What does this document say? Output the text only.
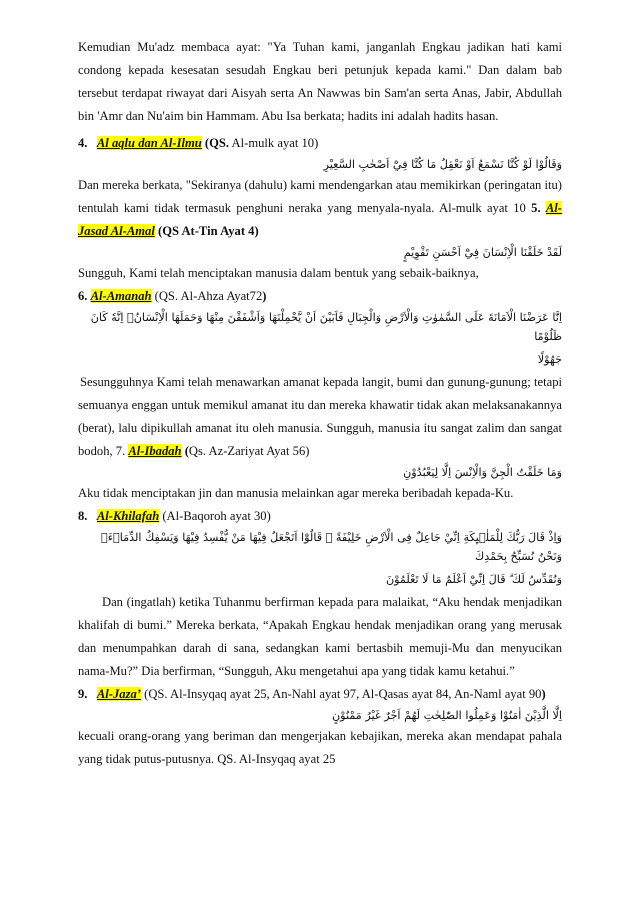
Kemudian Mu'adz membaca ayat: "Ya Tuhan kami, janganlah Engkau jadikan hati kami condong kepada kesesatan sesudah Engkau beri petunjuk kepada kami." Dan dalam bab tersebut terdapat riwayat dari Aisyah serta An Nawwas bin Sam'an serta Anas, Jabir, Abdullah bin 'Amr dan Nu'aim bin Hammam. Abu Isa berkata; hadits ini adalah hadits hasan.

4. Al aqlu dan Al-Ilmu (QS. Al-mulk ayat 10)

وَقَالُوْا لَوْ كُنَّا نَسْمَعُ اَوْ نَعْقِلُ مَا كُنَّا فِيْٓ اَصْحٰبِ السَّعِيْرِ

Dan mereka berkata, "Sekiranya (dahulu) kami mendengarkan atau memikirkan (peringatan itu) tentulah kami tidak termasuk penghuni neraka yang menyala-nyala. Al-mulk ayat 10 5. Al-Jasad Al-Amal (QS At-Tin Ayat 4)

لَقَدْ خَلَقْنَا الْاِنْسَانَ فِيْٓ اَحْسَنِ تَقْوِيْمٍ

Sungguh, Kami telah menciptakan manusia dalam bentuk yang sebaik-baiknya,

6. Al-Amanah (QS. Al-Ahza Ayat72)

اِنَّا عَرَضْنَا الْاَمَانَةَ عَلَى السَّمٰوٰتِ وَالْاَرْضِ وَالْجِبَالِ فَاَبَيْنَ اَنْ يَّحْمِلْنَهَا وَاَشْفَقْنَ مِنْهَا وَحَمَلَهَا الْاِنْسَانُۗ اِنَّهٗ كَانَ ظَلُوْمًا

جَهُوْلًا

Sesungguhnya Kami telah menawarkan amanat kepada langit, bumi dan gunung-gunung; tetapi semuanya enggan untuk memikul amanat itu dan mereka khawatir tidak akan melaksanakannya (berat), lalu dipikullah amanat itu oleh manusia. Sungguh, manusia itu sangat zalim dan sangat bodoh, 7. Al-Ibadah (Qs. Az-Zariyat Ayat 56)

وَمَا خَلَقْتُ الْجِنَّ وَالْاِنْسَ اِلَّا لِيَعْبُدُوْنِ

Aku tidak menciptakan jin dan manusia melainkan agar mereka beribadah kepada-Ku.

8. Al-Khilafah (Al-Baqoroh ayat 30)

وَاِذْ قَالَ رَبُّكَ لِلْمَلٰۤىِٕكَةِ اِنِّيْ جَاعِلٌ فِى الْاَرْضِ خَلِيْفَةً ۗ قَالُوْٓا اَتَجْعَلُ فِيْهَا مَنْ يُّفْسِدُ فِيْهَا وَيَسْفِكُ الدِّمَاۤءَۚ وَنَحْنُ نُسَبِّحُ بِحَمْدِكَ

وَنُقَدِّسُ لَكَ ۗ قَالَ اِنِّيْٓ اَعْلَمُ مَا لَا تَعْلَمُوْنَ

Dan (ingatlah) ketika Tuhanmu berfirman kepada para malaikat, “Aku hendak menjadikan khalifah di bumi.” Mereka berkata, “Apakah Engkau hendak menjadikan orang yang merusak dan menumpahkan darah di sana, sedangkan kami bertasbih memuji-Mu dan menyucikan nama-Mu?” Dia berfirman, “Sungguh, Aku mengetahui apa yang tidak kamu ketahui.”

9. Al-Jaza’ (QS. Al-Insyqaq ayat 25, An-Nahl ayat 97, Al-Qasas ayat 84, An-Naml ayat 90)

اِلَّا الَّذِيْنَ اٰمَنُوْا وَعَمِلُوا الصّٰلِحٰتِ لَهُمْ اَجْرٌ غَيْرُ مَمْنُوْنٍ

kecuali orang-orang yang beriman dan mengerjakan kebajikan, mereka akan mendapat pahala yang tidak putus-putusnya. QS. Al-Insyqaq ayat 25
